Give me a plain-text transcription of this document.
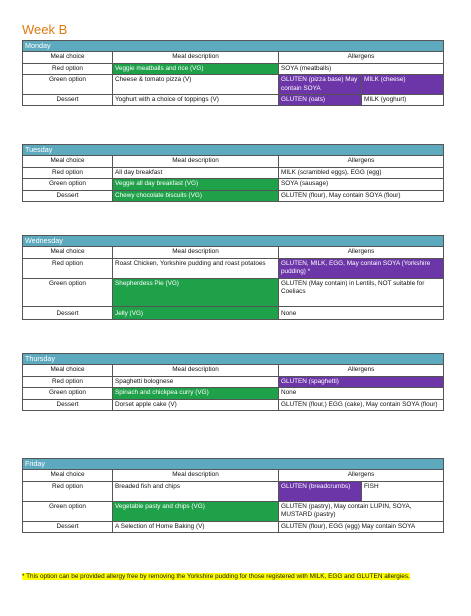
Week B
Monday			
Meal choice	Meal description	Allergens	
Red option	Veggie meatballs and rice (VG)	SOYA (meatballs)	
Green option	Cheese & tomato pizza (V)	GLUTEN (pizza base) May contain SOYA	MILK (cheese)
Dessert	Yoghurt with a choice of toppings (V)	GLUTEN (oats)	MILK (yoghurt)
Tuesday		
Meal choice	Meal description	Allergens
Red option	All day breakfast	MILK (scrambled eggs), EGG (egg)
Green option	Veggie all day breakfast (VG)	SOYA (sausage)
Dessert	Chewy chocolate biscuits (VG)	GLUTEN (flour), May contain SOYA (flour)
Wednesday		
Meal choice	Meal description	Allergens
Red option	Roast Chicken, Yorkshire pudding and roast potatoes	GLUTEN, MILK, EGG, May contain SOYA (Yorkshire pudding) *
Green option	Shepherdess Pie (VG)	GLUTEN (May contain) in Lentils, NOT suitable for Coeliacs
Dessert	Jelly (VG)	None
Thursday		
Meal choice	Meal description	Allergens
Red option	Spaghetti bolognese	GLUTEN (spaghetti)
Green option	Spinach and chickpea curry (VG)	None
Dessert	Dorset apple cake (V)	GLUTEN (flour,) EGG (cake), May contain SOYA (flour)
Friday			
Meal choice	Meal description	Allergens	
Red option	Breaded fish and chips	GLUTEN (breadcrumbs)	FISH
Green option	Vegetable pasty and chips (VG)	GLUTEN (pastry), May contain LUPIN, SOYA, MUSTARD (pastry)	
Dessert	A Selection of Home Baking (V)	GLUTEN (flour), EGG (egg) May contain SOYA	
* This option can be provided allergy free by removing the Yorkshire pudding for those registered with MILK, EGG and GLUTEN allergies.
